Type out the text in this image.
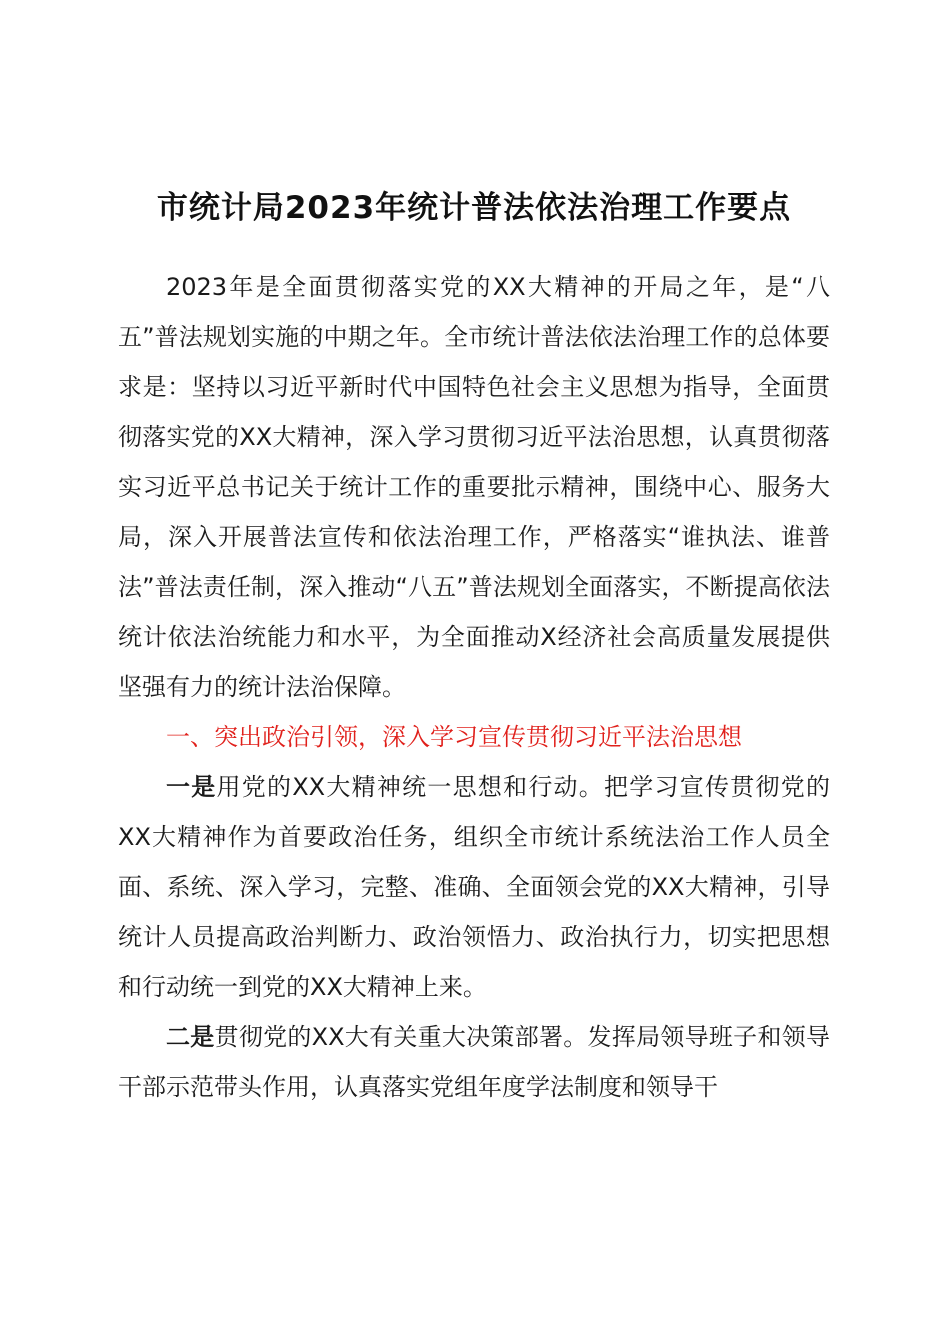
市统计局2023年统计普法依法治理工作要点

2023年是全面贯彻落实党的XX大精神的开局之年，是“八五”普法规划实施的中期之年。全市统计普法依法治理工作的总体要求是：坚持以习近平新时代中国特色社会主义思想为指导，全面贯彻落实党的XX大精神，深入学习贯彻习近平法治思想，认真贯彻落实习近平总书记关于统计工作的重要批示精神，围绕中心、服务大局，深入开展普法宣传和依法治理工作，严格落实“谁执法、谁普法”普法责任制，深入推动“八五”普法规划全面落实，不断提高依法统计依法治统能力和水平，为全面推动X经济社会高质量发展提供坚强有力的统计法治保障。

一、突出政治引领，深入学习宣传贯彻习近平法治思想

一是用党的XX大精神统一思想和行动。把学习宣传贯彻党的XX大精神作为首要政治任务，组织全市统计系统法治工作人员全面、系统、深入学习，完整、准确、全面领会党的XX大精神，引导统计人员提高政治判断力、政治领悟力、政治执行力，切实把思想和行动统一到党的XX大精神上来。

二是贯彻党的XX大有关重大决策部署。发挥局领导班子和领导干部示范带头作用，认真落实党组年度学法制度和领导干
